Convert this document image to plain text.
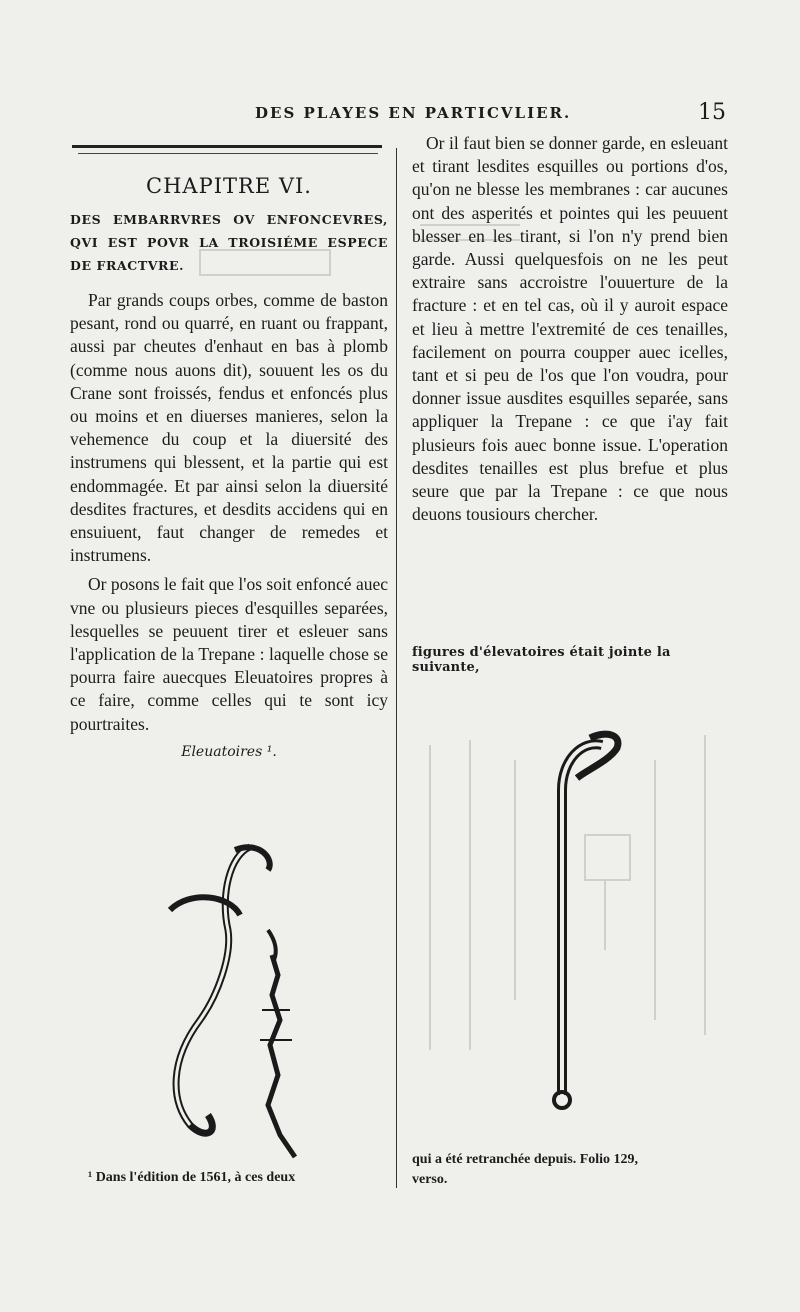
DES PLAYES EN PARTICVLIER.	15
CHAPITRE VI.
DES EMBARRVRES OV ENFONCEVRES, QVI EST POVR LA TROISIÉME ESPECE DE FRACTVRE.

Par grands coups orbes, comme de baston pesant, rond ou quarré, en ruant ou frappant, aussi par cheutes d'enhaut en bas à plomb (comme nous auons dit), souuent les os du Crane sont froissés, fendus et enfoncés plus ou moins et en diuerses manieres, selon la vehemence du coup et la diuersité des instrumens qui blessent, et la partie qui est endommagée. Et par ainsi selon la diuersité desdites fractures, et desdits accidens qui en ensuiuent, faut changer de remedes et instrumens.

Or posons le fait que l'os soit enfoncé auec vne ou plusieurs pieces d'esquilles separées, lesquelles se peuuent tirer et esleuer sans l'application de la Trepane : laquelle chose se pourra faire auecques Eleuatoires propres à ce faire, comme celles qui te sont icy pourtraites.

Eleuatoires ¹.
¹ Dans l'édition de 1561, à ces deux

Or il faut bien se donner garde, en esleuant et tirant lesdites esquilles ou portions d'os, qu'on ne blesse les membranes : car aucunes ont des asperités et pointes qui les peuuent blesser en les tirant, si l'on n'y prend bien garde. Aussi quelquesfois on ne les peut extraire sans accroistre l'ouuerture de la fracture : et en tel cas, où il y auroit espace et lieu à mettre l'extremité de ces tenailles, facilement on pourra coupper auec icelles, tant et si peu de l'os que l'on voudra, pour donner issue ausdites esquilles separée, sans appliquer la Trepane : ce que i'ay fait plusieurs fois auec bonne issue. L'operation desdites tenailles est plus brefue et plus seure que par la Trepane : ce que nous deuons tousiours chercher.

figures d'élevatoires était jointe la suivante,
qui a été retranchée depuis. Folio 129,
verso.
